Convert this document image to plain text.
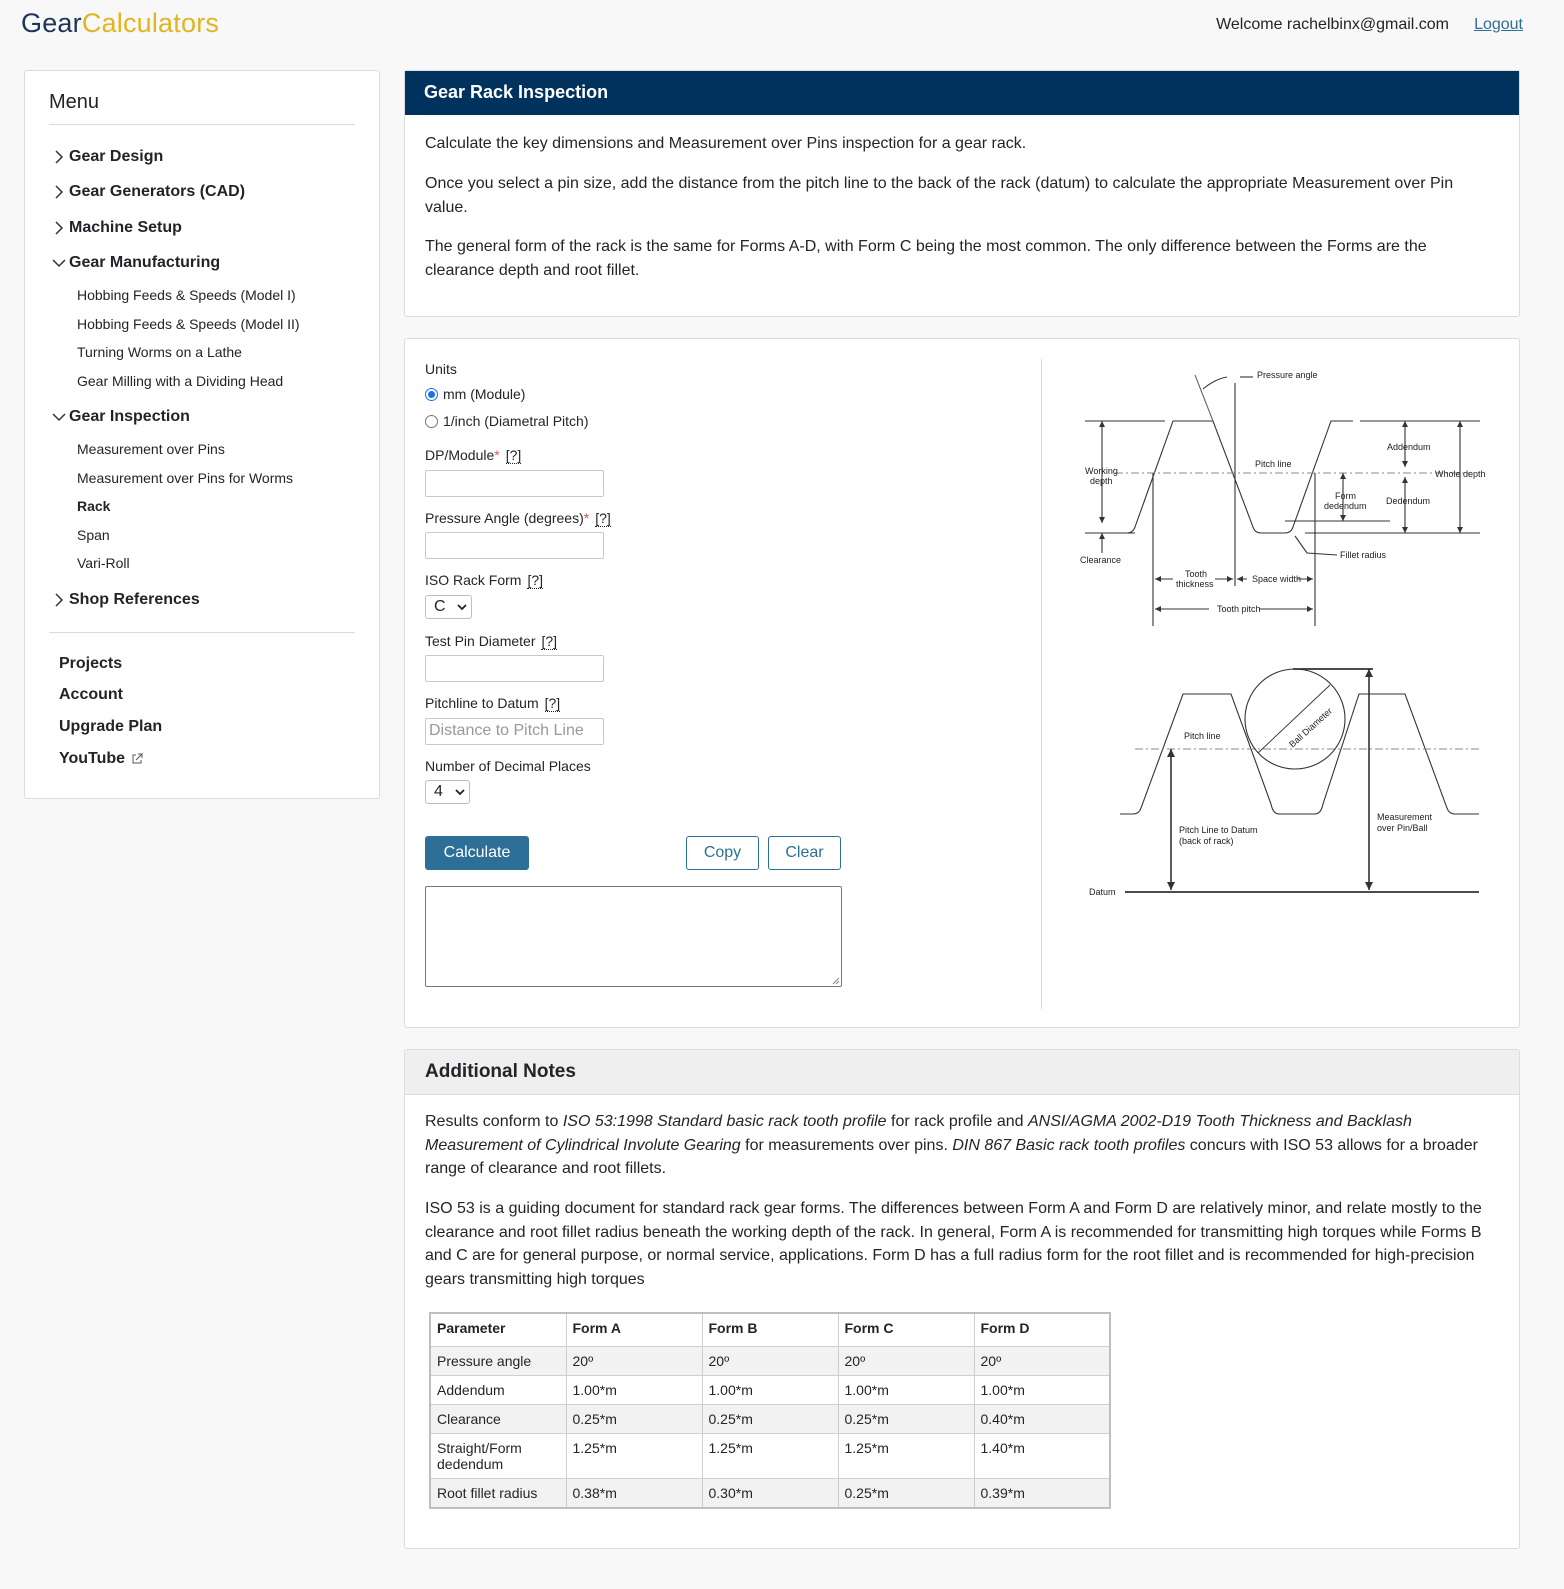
GearCalculators	Welcome rachelbinx@gmail.com Logout
Menu
Gear Design
Gear Generators (CAD)
Machine Setup
Gear Manufacturing
Hobbing Feeds & Speeds (Model I)
Hobbing Feeds & Speeds (Model II)
Turning Worms on a Lathe
Gear Milling with a Dividing Head
Gear Inspection
Measurement over Pins
Measurement over Pins for Worms
Rack
Span
Vari-Roll
Shop References
Projects
Account
Upgrade Plan
YouTube
Gear Rack Inspection

Calculate the key dimensions and Measurement over Pins inspection for a gear rack.

Once you select a pin size, add the distance from the pitch line to the back of the rack (datum) to calculate the appropriate Measurement over Pin value.

The general form of the rack is the same for Forms A-D, with Form C being the most common. The only difference between the Forms are the clearance depth and root fillet.

Units
mm (Module)
1/inch (Diametral Pitch)
DP/Module* [?]
Pressure Angle (degrees)* [?]
ISO Rack Form [?]
C
Test Pin Diameter [?]
Pitchline to Datum [?]
Distance to Pitch Line
Number of Decimal Places
4
Calculate	Copy	Clear
Pressure angle
Addendum
Whole depth
Pitch line
Working
depth
Form
dedendum Dedendum
Fillet radius
Clearance
Tooth
thickness	Space width
Tooth pitch
Pitch line	Ball Diameter
Pitch Line to Datum
(back of rack)
Measurement
over Pin/Ball
Datum
Additional Notes

Results conform to ISO 53:1998 Standard basic rack tooth profile for rack profile and ANSI/AGMA 2002-D19 Tooth Thickness and Backlash Measurement of Cylindrical Involute Gearing for measurements over pins. DIN 867 Basic rack tooth profiles concurs with ISO 53 allows for a broader range of clearance and root fillets.

ISO 53 is a guiding document for standard rack gear forms. The differences between Form A and Form D are relatively minor, and relate mostly to the clearance and root fillet radius beneath the working depth of the rack. In general, Form A is recommended for transmitting high torques while Forms B and C are for general purpose, or normal service, applications. Form D has a full radius form for the root fillet and is recommended for high-precision gears transmitting high torques

Parameter	Form A	Form B	Form C	Form D
Pressure angle	20º	20º	20º	20º
Addendum	1.00*m	1.00*m	1.00*m	1.00*m
Clearance	0.25*m	0.25*m	0.25*m	0.40*m
Straight/Form dedendum	1.25*m	1.25*m	1.25*m	1.40*m
Root fillet radius	0.38*m	0.30*m	0.25*m	0.39*m
